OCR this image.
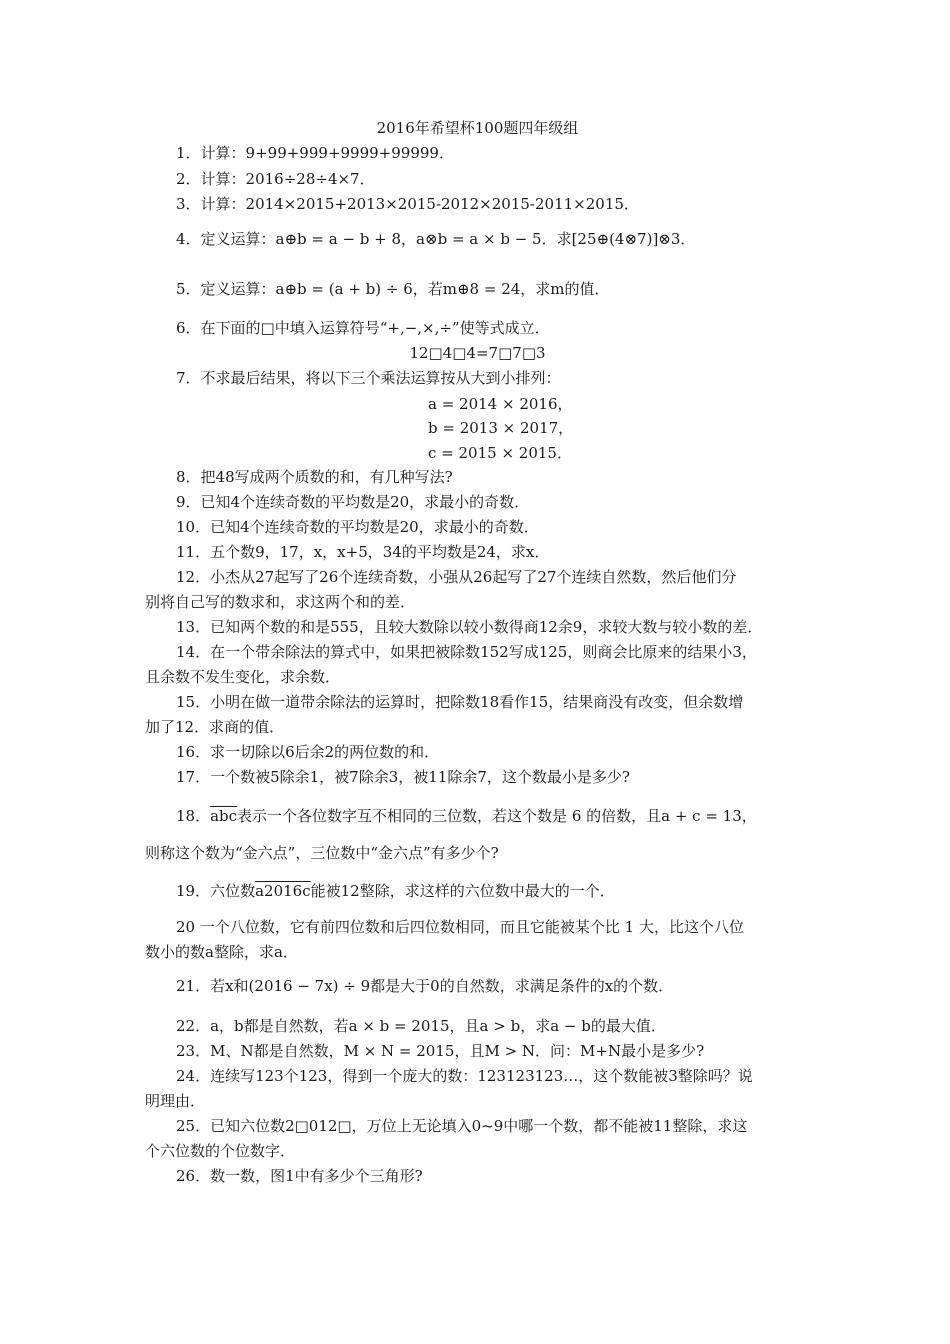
2016年希望杯100题四年级组
1．计算：9+99+999+9999+99999．
2．计算：2016÷28÷4×7．
3．计算：2014×2015+2013×2015-2012×2015-2011×2015．
4．定义运算：a⊕b = a − b + 8，a⊗b = a × b − 5．求[25⊕(4⊗7)]⊗3．
5．定义运算：a⊕b = (a + b) ÷ 6，若m⊕8 = 24，求m的值．
6．在下面的□中填入运算符号“+,−,×,÷”使等式成立．
12□4□4=7□7□3
7．不求最后结果，将以下三个乘法运算按从大到小排列：
a = 2014 × 2016，
b = 2013 × 2017，
c = 2015 × 2015．
8．把48写成两个质数的和，有几种写法?
9．已知4个连续奇数的平均数是20，求最小的奇数．
10．已知4个连续奇数的平均数是20，求最小的奇数．
11．五个数9，17，x，x+5，34的平均数是24，求x．
12．小杰从27起写了26个连续奇数，小强从26起写了27个连续自然数，然后他们分
别将自己写的数求和，求这两个和的差．
13．已知两个数的和是555，且较大数除以较小数得商12余9，求较大数与较小数的差．
14．在一个带余除法的算式中，如果把被除数152写成125，则商会比原来的结果小3，
且余数不发生变化，求余数．
15．小明在做一道带余除法的运算时，把除数18看作15，结果商没有改变，但余数增
加了12．求商的值．
16．求一切除以6后余2的两位数的和．
17．一个数被5除余1，被7除余3，被11除余7，这个数最小是多少?
18．$\overline{abc}$表示一个各位数字互不相同的三位数，若这个数是 6 的倍数，且a + c = 13，
则称这个数为“金六点”，三位数中“金六点”有多少个?
19．六位数a2016c能被12整除，求这样的六位数中最大的一个．
20 一个八位数，它有前四位数和后四位数相同，而且它能被某个比 1 大，比这个八位
数小的数a整除，求a．
21．若x和(2016 − 7x) ÷ 9都是大于0的自然数，求满足条件的x的个数．
22．a，b都是自然数，若a × b = 2015，且a > b，求a − b的最大值．
23．M、N都是自然数，M × N = 2015，且M > N．问：M+N最小是多少?
24．连续写123个123，得到一个庞大的数：123123123…，这个数能被3整除吗？说
明理由．
25．已知六位数2□012□，万位上无论填入0~9中哪一个数，都不能被11整除，求这
个六位数的个位数字．
26．数一数，图1中有多少个三角形?
